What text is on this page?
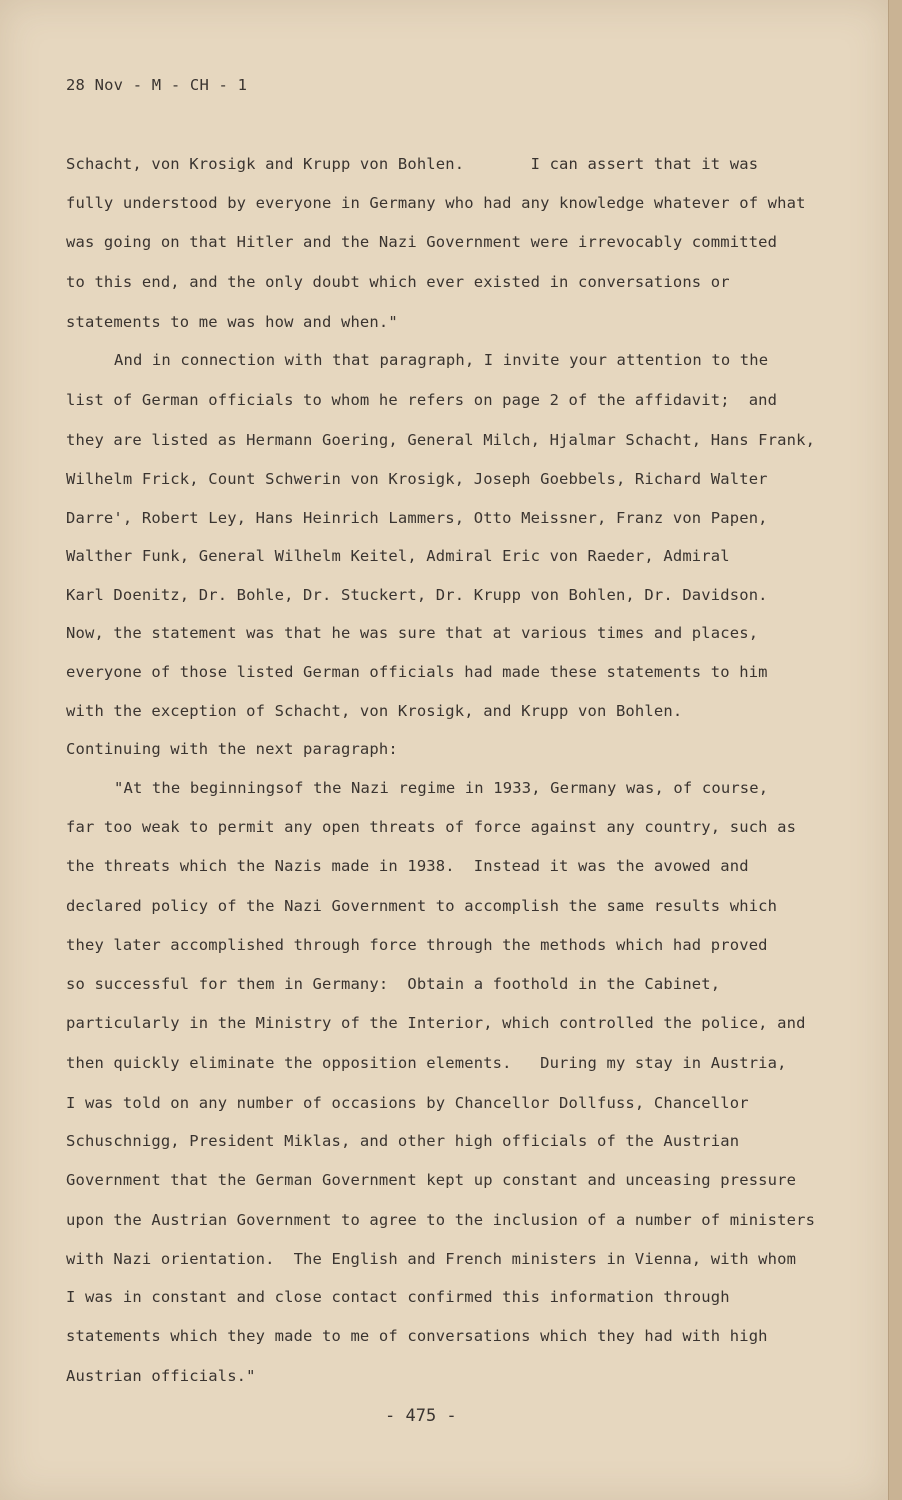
28 Nov - M - CH - 1
Schacht, von Krosigk and Krupp von Bohlen.       I can assert that it was
fully understood by everyone in Germany who had any knowledge whatever of what
was going on that Hitler and the Nazi Government were irrevocably committed
to this end, and the only doubt which ever existed in conversations or
statements to me was how and when."
And in connection with that paragraph, I invite your attention to the
list of German officials to whom he refers on page 2 of the affidavit;  and
they are listed as Hermann Goering, General Milch, Hjalmar Schacht, Hans Frank,
Wilhelm Frick, Count Schwerin von Krosigk, Joseph Goebbels, Richard Walter
Darre', Robert Ley, Hans Heinrich Lammers, Otto Meissner, Franz von Papen,
Walther Funk, General Wilhelm Keitel, Admiral Eric von Raeder, Admiral
Karl Doenitz, Dr. Bohle, Dr. Stuckert, Dr. Krupp von Bohlen, Dr. Davidson.
Now, the statement was that he was sure that at various times and places,
everyone of those listed German officials had made these statements to him
with the exception of Schacht, von Krosigk, and Krupp von Bohlen.
Continuing with the next paragraph:
"At the beginningsof the Nazi regime in 1933, Germany was, of course,
far too weak to permit any open threats of force against any country, such as
the threats which the Nazis made in 1938.  Instead it was the avowed and
declared policy of the Nazi Government to accomplish the same results which
they later accomplished through force through the methods which had proved
so successful for them in Germany:  Obtain a foothold in the Cabinet,
particularly in the Ministry of the Interior, which controlled the police, and
then quickly eliminate the opposition elements.   During my stay in Austria,
I was told on any number of occasions by Chancellor Dollfuss, Chancellor
Schuschnigg, President Miklas, and other high officials of the Austrian
Government that the German Government kept up constant and unceasing pressure
upon the Austrian Government to agree to the inclusion of a number of ministers
with Nazi orientation.  The English and French ministers in Vienna, with whom
I was in constant and close contact confirmed this information through
statements which they made to me of conversations which they had with high
Austrian officials."
- 475 -
